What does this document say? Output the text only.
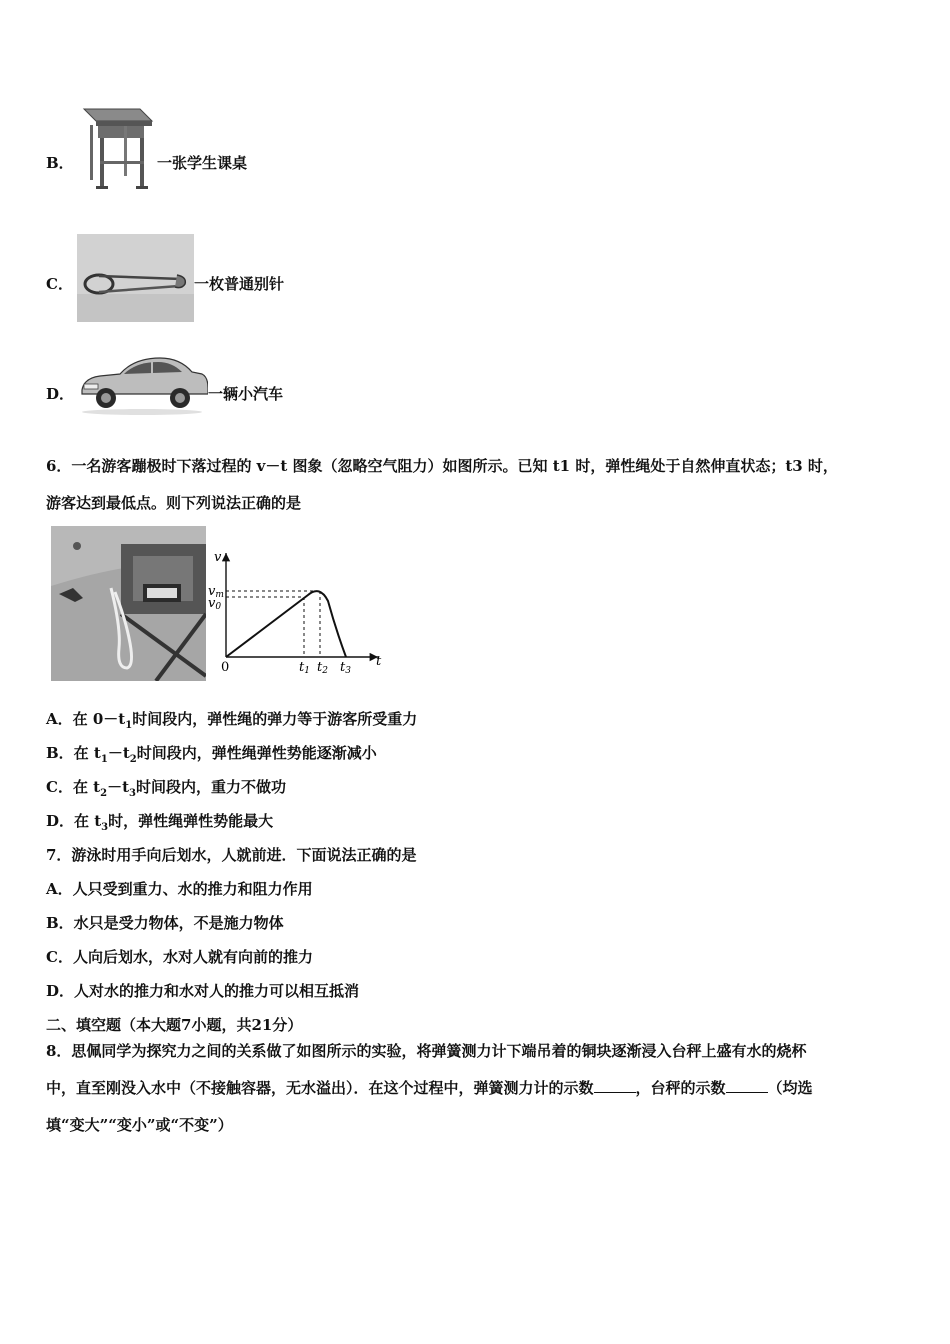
B．	一张学生课桌
C．	一枚普通别针
D．	一辆小汽车
6．一名游客蹦极时下落过程的 v－t 图象（忽略空气阻力）如图所示。已知 t1 时，弹性绳处于自然伸直状态；t3 时，
游客达到最低点。则下列说法正确的是
v
t
0
vm
v0
t1 t2 t3
A．在 $0-t_1$时间段内，弹性绳的弹力等于游客所受重力
B．在 $t_1-t_2$时间段内，弹性绳弹性势能逐渐减小
C．在 $t_2-t_3$时间段内，重力不做功
D．在 $t_3$时，弹性绳弹性势能最大
7．游泳时用手向后划水，人就前进．下面说法正确的是
A．人只受到重力、水的推力和阻力作用
B．水只是受力物体，不是施力物体
C．人向后划水，水对人就有向前的推力
D．人对水的推力和水对人的推力可以相互抵消
二、填空题（本大题7小题，共21分）
8．思佩同学为探究力之间的关系做了如图所示的实验，将弹簧测力计下端吊着的铜块逐渐浸入台秤上盛有水的烧杯
中，直至刚没入水中（不接触容器，无水溢出）．在这个过程中，弹簧测力计的示数	，台秤的示数	（均选
填“变大”“变小”或“不变”）
